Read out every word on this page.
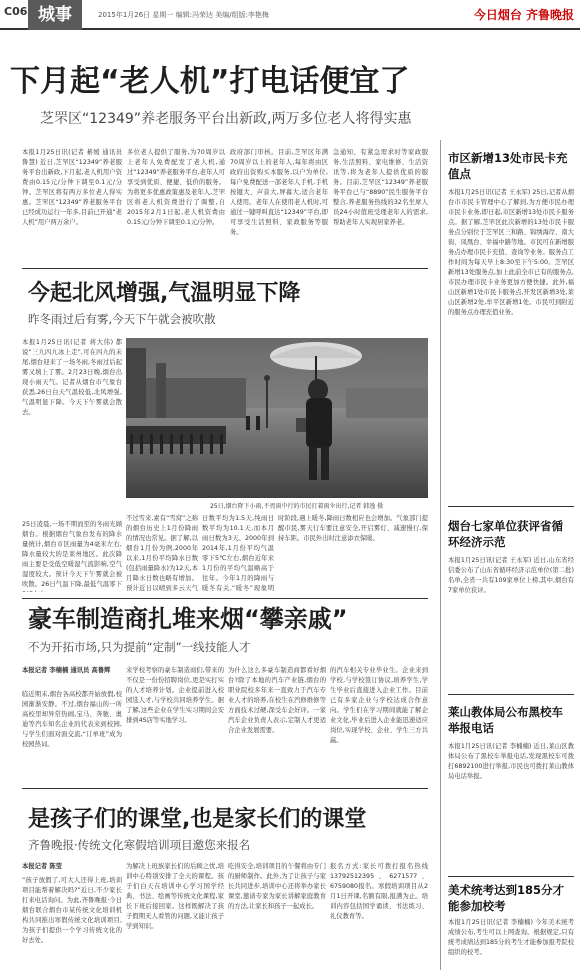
C06 城事	2015年1月26日 星期一 编辑:冯荣达 美编/组版:李艳梅	今日烟台 齐鲁晚报
下月起“老人机”打电话便宜了
芝罘区“12349”养老服务平台出新政,两万多位老人将得实惠
本报1月25日讯(记者 綦媛 通讯员 鲁慧) 近日,芝罘区“12349”养老服务平台出新政,下月起,老人机用户资费由0.15元/分钟下调至0.1元/分钟。芝罘区将有两万多位老人得实惠。芝罘区“12349”养老服务平台已经成功运行一年多,目前已开通“老人机”用户两万余户。
多位老人提供了服务,为70周岁以上老年人免费配发了老人机,通过“12349”养老服务平台,老年人可享受到优质、便捷、低价的服务。为将更多优惠政策惠及老年人,芝罘区将老人机资费进行了调整,自2015年2月1日起,老人机资费由0.15元/分钟下调至0.1元/分钟。
政府部门审核。目前,芝罘区年满70周岁以上的老年人,每年将由区政府出资购买本服务,以户为单位,每户免费配送一部老年人手机,手机按键大、声音大,屏幕大,适合老年人使用。老年人在使用老人机时,可通过一键呼叫直达“12349”平台,即可享受生活照料、家政服务等服务。
急通知、有紧急需求时等家政服务,生活照料、家电维修、生活资讯等,将为老年人提供优质的服务。目前,芝罘区“12349”养老服务平台已与“8890”民生服务平台整合,养老服务热线的32名坐席人员24小时值班受理老年人的需求,帮助老年人实现居家养老。
今起北风增强,气温明显下降
昨冬雨过后有雾,今天下午就会被吹散
本报1月25日讯(记者 蒋大伟) 都说“三九四九冰上走”,可在四九的末尾,烟台迎来了一场冬雨,冬雨过后起雾又填上了雾。2月23日晚,烟台出现小雨天气。记者从烟台市气象台获悉,26日白天气温较低,北风增强,气温明显下降。今天下午雾就会散去。
25日凌晨,一场不期而至的冬雨光顾烟台。根据烟台气象台发布的降水量统计,烟台市区雨量为4毫米左右,降水量较大的是莱州地区。此次降雨主要是受低空暖湿气流影响,空气湿度较大。预计今天下午雾就会被吹散。26日气温下降,最低气温零下
25日,烟台降下小雨,不畏雨中行的市民打着雨伞出行,记者 韩逸 摄
不过雪来,素有“雪窝”之称的烟台历史上1月份降雨的情况也常见。据了解,以烟台1月份为例,2000年以来,1月份平均降水日数(包括雨量降水)为12天,本月降水日数也略有增加。预计近日以晴到多云天气
日数平均为1.5天,纯雨日数平均为10.1天,而本月雨日数为3天。2000年到2014年,1月份平均气温零下5℃左右,烟台近年来1月份的平均气温略高于往年。今年1月的降雨与暖冬有关,“暖冬”现象明
时阶段,遇上暖冬,降雨日数相应也会增加。气象部门提醒市民,雾天行车要注意安全,开启雾灯、减速慢行,保持车距。市民外出时注意添衣保暖。
豪车制造商扎堆来烟“攀亲戚”
不为开拓市场,只为提前“定制”一线技能人才
本报记者 李楠楠 通讯员 高鲁辉
临近期末,烟台各高校都开始放假,校园渐渐安静。不过,烟台福山的一所高校里却异常热闹,宝马、奔驰、奥迪等汽车知名企业的代表来到校园,与学生们面对面交流,“订单班”成为校园热词。
来学校考察的豪车制造商们,带来的不仅是一份份招聘岗位,更是实打实的人才培养计划。企业提前进入校园选人才,与学校共同培养学生。据了解,这些企业在学生实习期间会安排到4S店等实地学习。
为什么这么多豪车制造商都看好烟台?除了本地的汽车产业链,烟台的职业院校多年来一直致力于汽车专业人才的培养,在校生在汽修维修等方面技术过硬,深受车企好评。一家汽车企业负责人表示,定制人才更适合企业发展需要。
的汽车相关专业毕业生。企业来到学校,与学校签订协议,培养学生,学生毕业后直接进入企业工作。目前已有多家企业与学校达成合作意向。学生们在学习期间就能了解企业文化,毕业后进入企业能迅速适应岗位,实现学校、企业、学生三方共赢。
是孩子们的课堂,也是家长们的课堂
齐鲁晚报·传统文化寒假培训项目邀您来报名
本报记者 陈莹
“孩子放假了,可大人还得上班,培训项目能帮着解决吗?”近日,不少家长打来电话询问。为此,齐鲁晚报·今日烟台联合烟台市某传统文化培训机构共同推出寒假传统文化培训项目,为孩子们提供一个学习传统文化的好去处。
为解决上班族家长们的后顾之忧,培训中心特别安排了全天的课程。孩子们白天在培训中心学习国学经典、书法、绘画等传统文化课程,家长下班后接回家。这样既解决了孩子假期无人看管的问题,又能让孩子学到知识。
吃得安全,培训项目的午餐将由专门的厨师制作。此外,为了让孩子与家长共同进步,培训中心还将举办家长课堂,邀请专家为家长讲解家庭教育的方法,让家长和孩子一起成长。
报名方式:家长可拨打报名热线13792512395、6271577、6759080报名。寒假培训项目从2月1日开课,名额有限,报满为止。培训内容包括国学诵读、书法练习、礼仪教育等。
市区新增13处市民卡充值点
本报1月25日讯(记者 王永军) 25日,记者从烟台市市民卡管理中心了解到,为方便市民办理市民卡业务,即日起,市区新增13处市民卡服务点。据了解,芝罘区此次新增的13处市民卡服务点分别位于芝罘区三和路、锦绣海岸、南大街、凤凰台、幸福中路等地。市民可在新增服务点办理市民卡充值、查询等业务。服务点工作时间为每天早上8:30至下午5:00。芝罘区新增13处服务点,加上此前全市已有的服务点,市民办理市民卡业务更加方便快捷。此外,福山区新增1处市民卡服务点,开发区新增3处,莱山区新增2处,牟平区新增1处。市民可到附近的服务点办理充值业务。
烟台七家单位获评省循环经济示范
本报1月25日讯(记者 王永军) 近日,山东省经信委公布了山东省循环经济示范单位(第二批)名单,全省一共有109家单位上榜,其中,烟台有7家单位获评。
莱山教体局公布黑校车举报电话
本报1月25日讯(记者 李楠楠) 近日,莱山区教体局公布了黑校车举报电话,发现黑校车可拨打6892100进行举报,市民也可拨打莱山教体局电话举报。
美术统考达到185分才能参加校考
本报1月25日讯(记者 李楠楠) 今年美术统考成绩公布,考生可以上网查询。根据规定,只有统考成绩达到185分的考生才能参加报考院校组织的校考。
